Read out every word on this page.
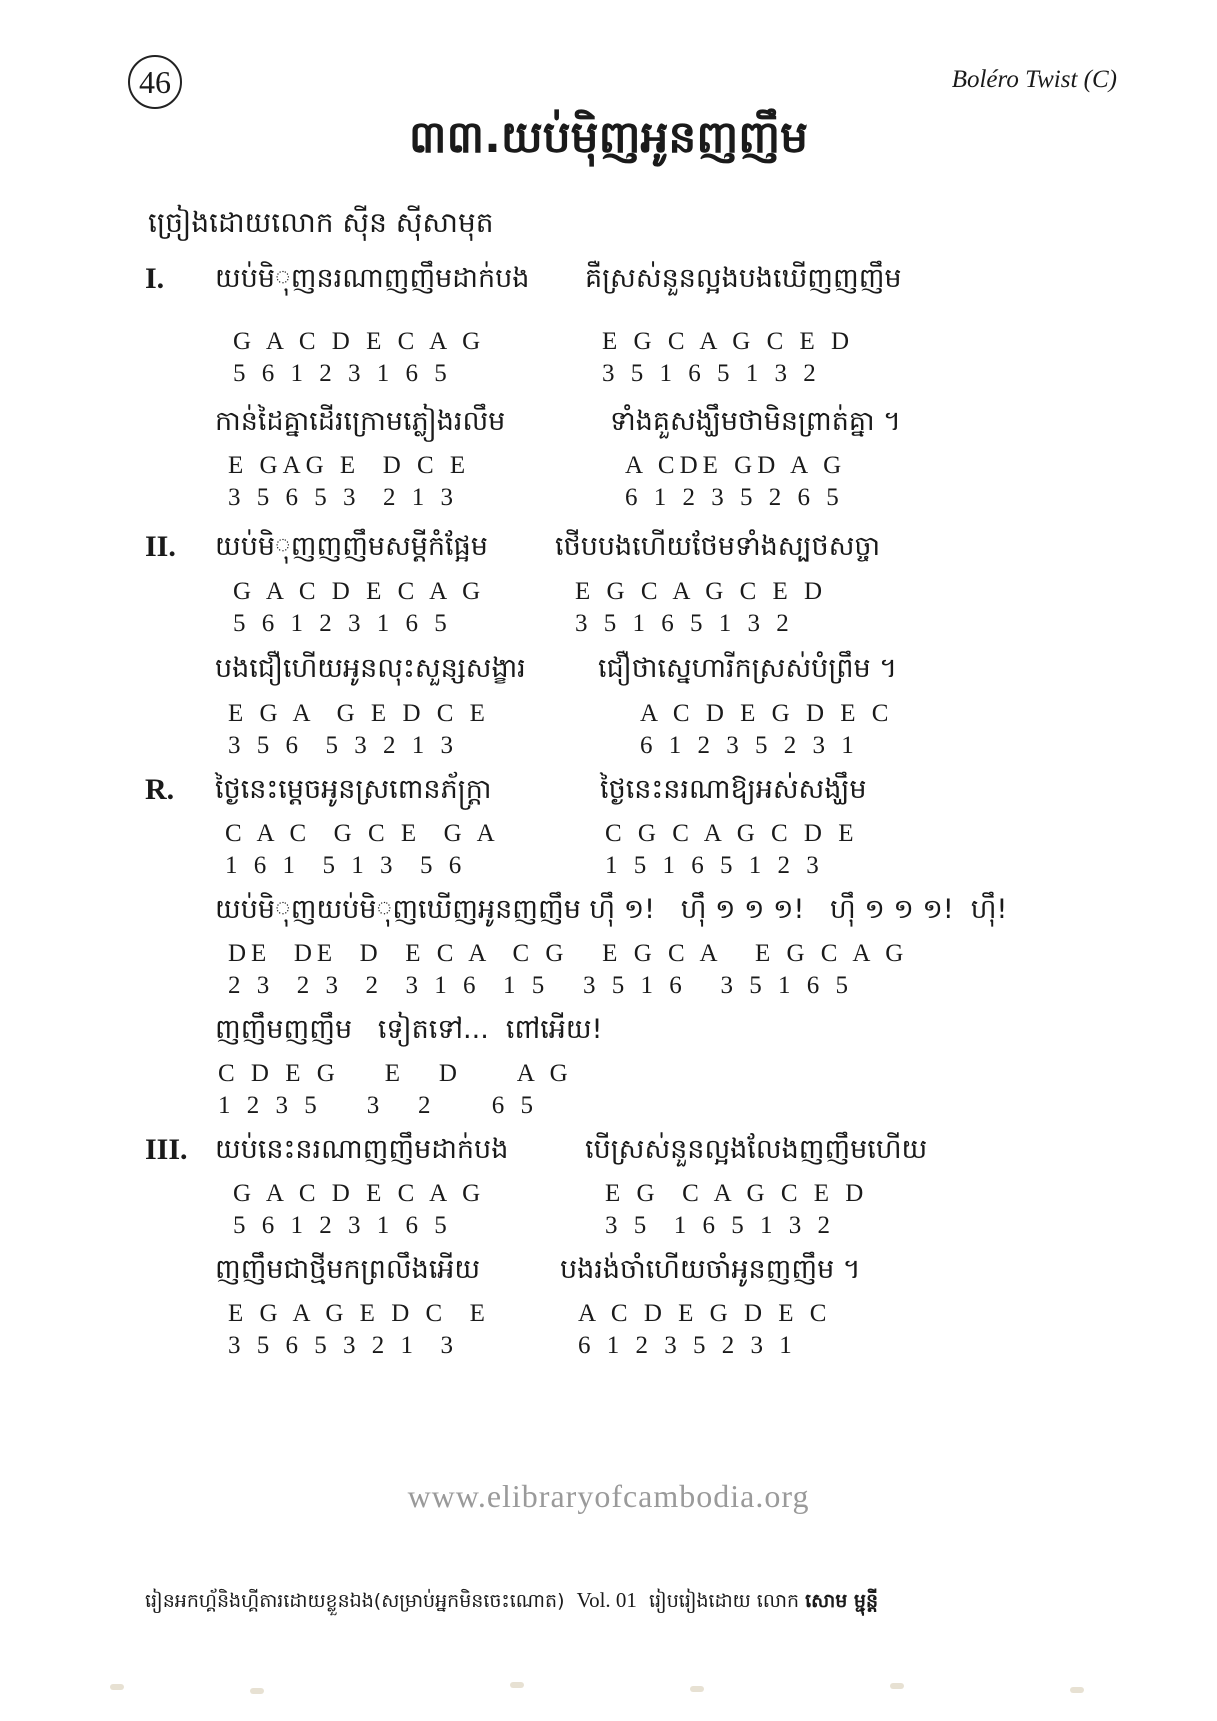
46	Boléro Twist (C)
៣៣.យប់មុិញអូនញញឹម
ច្រៀងដោយលោក ស៊ីន ស៊ីសាមុត
I. យប់មិុញនរណាញញឹមដាក់បង គឺស្រស់នួនល្អងបងឃើញញញឹម
G A C D E C A G
5 6 1 2 3 1 6 5
E G C A G C E D
3 5 1 6 5 1 3 2
កាន់ដៃគ្នាដើរក្រោមភ្លៀងរលឹម	ទាំងគួសង្ឃឹមថាមិនព្រាត់គ្នា ។
E GAG E  D C E
3 5 6 5 3  2 1 3
A CDE GD A G
6 1 2 3 5 2 6 5
II. យប់មិុញញញឹមសម្តីកំផ្អែម ថើបបងហើយថែមទាំងស្បថសច្ចា
G A C D E C A G
5 6 1 2 3 1 6 5
E G C A G C E D
3 5 1 6 5 1 3 2
បងជឿហើយអូនលុះសួន្សសង្ខារ	ជឿថាស្នេហារីកស្រស់បំព្រឹម ។
E G A  G E D C E
3 5 6  5 3 2 1 3
A C D E G D E C
6 1 2 3 5 2 3 1
R. ថ្ងៃនេះម្តេចអូនស្រពោនភ័ក្ត្រា	ថ្ងៃនេះនរណាឱ្យអស់សង្ឃឹម
C A C  G C E  G A
1 6 1  5 1 3  5 6
C G C A G C D E
1 5 1 6 5 1 2 3
យប់មិុញយប់មិុញឃើញអូនញញឹម ហ៊ឹ ១!   ហ៊ឹ ១ ១ ១!   ហ៊ឹ ១ ១ ១!  ហ៊ឹ!
DE  DE  D  E C A  C G   E G C A   E G C A G
2 3  2 3  2  3 1 6  1 5   3 5 1 6   3 5 1 6 5
ញញឹមញញឹម   ទៀតទៅ...  ពៅអើយ!
C D E G    E   D     A G
1 2 3 5    3   2     6 5
III. យប់នេះនរណាញញឹមដាក់បង	បើស្រស់នួនល្អងលែងញញឹមហើយ
G A C D E C A G
5 6 1 2 3 1 6 5
E G  C A G C E D
3 5  1 6 5 1 3 2
ញញឹមជាថ្មីមកព្រលឹងអើយ	បងរង់ចាំហើយចាំអូនញញឹម ។
E G A G E D C  E
3 5 6 5 3 2 1  3
A C D E G D E C
6 1 2 3 5 2 3 1
www.elibraryofcambodia.org
រៀនអកហ្គ័និងហ្គីតារដោយខ្លួនឯង(សម្រាប់អ្នកមិនចេះណោត) Vol. 01 រៀបរៀងដោយ លោក សោម ម្ជុន្តី
